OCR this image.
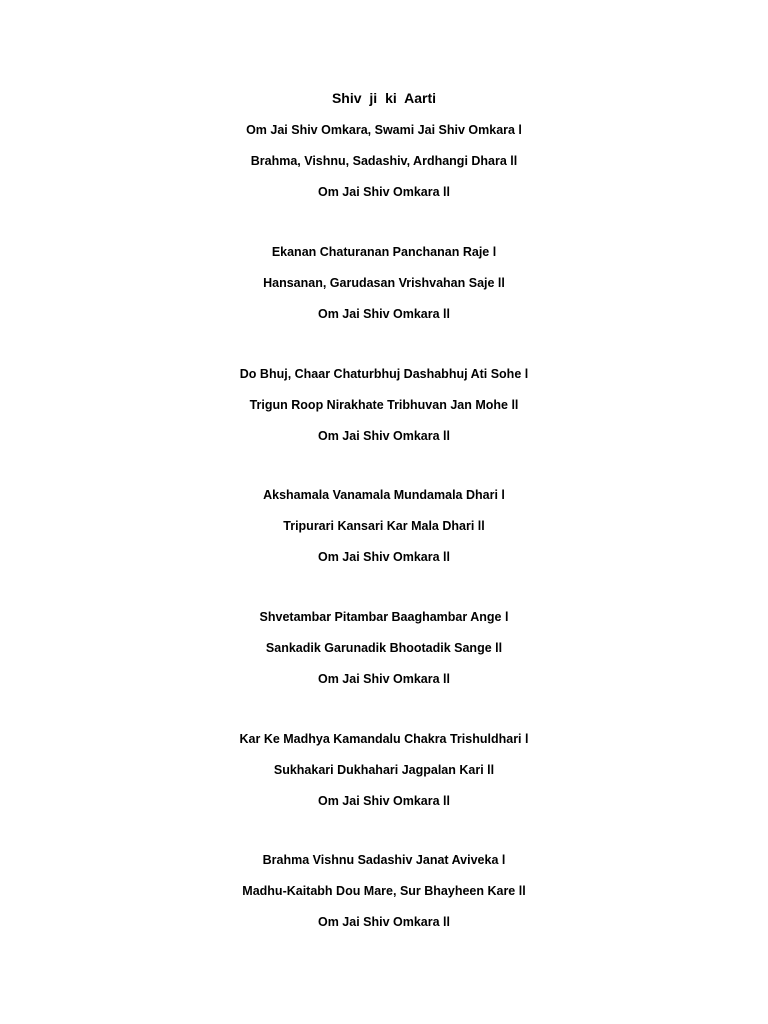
Shiv ji ki Aarti
Om Jai Shiv Omkara, Swami Jai Shiv Omkara l
Brahma, Vishnu, Sadashiv, Ardhangi Dhara ll
Om Jai Shiv Omkara ll
Ekanan Chaturanan Panchanan Raje l
Hansanan, Garudasan Vrishvahan Saje ll
Om Jai Shiv Omkara ll
Do Bhuj, Chaar Chaturbhuj Dashabhuj Ati Sohe l
Trigun Roop Nirakhate Tribhuvan Jan Mohe ll
Om Jai Shiv Omkara ll
Akshamala Vanamala Mundamala Dhari l
Tripurari Kansari Kar Mala Dhari ll
Om Jai Shiv Omkara ll
Shvetambar Pitambar Baaghambar Ange l
Sankadik Garunadik Bhootadik Sange ll
Om Jai Shiv Omkara ll
Kar Ke Madhya Kamandalu Chakra Trishuldhari l
Sukhakari Dukhahari Jagpalan Kari ll
Om Jai Shiv Omkara ll
Brahma Vishnu Sadashiv Janat Aviveka l
Madhu-Kaitabh Dou Mare, Sur Bhayheen Kare ll
Om Jai Shiv Omkara ll
